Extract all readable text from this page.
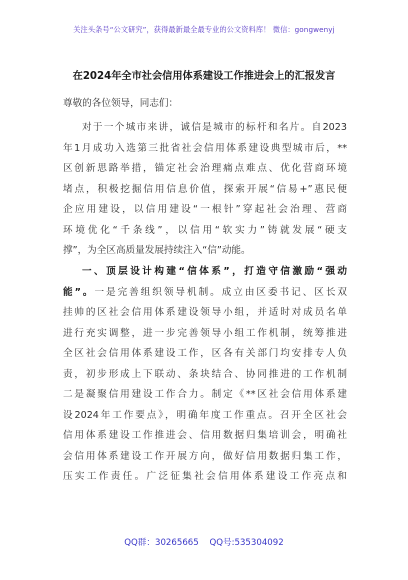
关注头条号“公文研究”，获得最新最全最专业的公文资料库！ 微信：gongwenyj
在2024年全市社会信用体系建设工作推进会上的汇报发言
尊敬的各位领导，同志们：
对于一个城市来讲，诚信是城市的标杆和名片。自2023
年1月成功入选第三批省社会信用体系建设典型城市后，**
区创新思路举措，锚定社会治理痛点难点、优化营商环境
堵点，积极挖掘信用信息价值，探索开展“信易+”惠民便
企应用建设，以信用建设“一根针”穿起社会治理、营商
环境优化“千条线”，以信用“软实力”铸就发展“硬支
撑”，为全区高质量发展持续注入“信”动能。
一、顶层设计构建“信体系”，打造守信激励“强动
能”。一是完善组织领导机制。成立由区委书记、区长双
挂帅的区社会信用体系建设领导小组，并适时对成员名单
进行充实调整，进一步完善领导小组工作机制，统筹推进
全区社会信用体系建设工作，区各有关部门均安排专人负
责，初步形成上下联动、条块结合、协同推进的工作机制
二是凝聚信用建设工作合力。制定《**区社会信用体系建
设2024年工作要点》，明确年度工作重点。召开全区社会
信用体系建设工作推进会、信用数据归集培训会，明确社
会信用体系建设工作开展方向，做好信用数据归集工作，
压实工作责任。广泛征集社会信用体系建设工作亮点和
QQ群：30265665 QQ号:535304092
